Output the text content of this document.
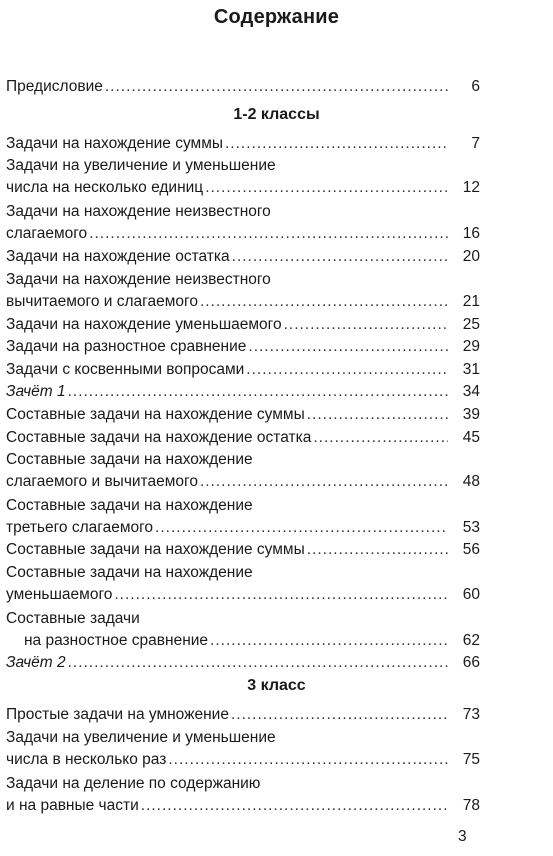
Содержание
1-2 классы
3 класс
Предисловие .....	6
Задачи на нахождение суммы .....	7
Задачи на увеличение и уменьшение
числа на несколько единиц .....	12
Задачи на нахождение неизвестного
слагаемого .....	16
Задачи на нахождение остатка .....	20
Задачи на нахождение неизвестного
вычитаемого и слагаемого .....	21
Задачи на нахождение уменьшаемого .....	25
Задачи на разностное сравнение .....	29
Задачи с косвенными вопросами .....	31
Зачёт 1 .....	34
Составные задачи на нахождение суммы .....	39
Составные задачи на нахождение остатка .....	45
Составные задачи на нахождение
слагаемого и вычитаемого .....	48
Составные задачи на нахождение
третьего слагаемого .....	53
Составные задачи на нахождение суммы .....	56
Составные задачи на нахождение
уменьшаемого .....	60
Составные задачи
на разностное сравнение .....	62
Зачёт 2 .....	66
Простые задачи на умножение .....	73
Задачи на увеличение и уменьшение
числа в несколько раз .....	75
Задачи на деление по содержанию
и на равные части .....	78
3
